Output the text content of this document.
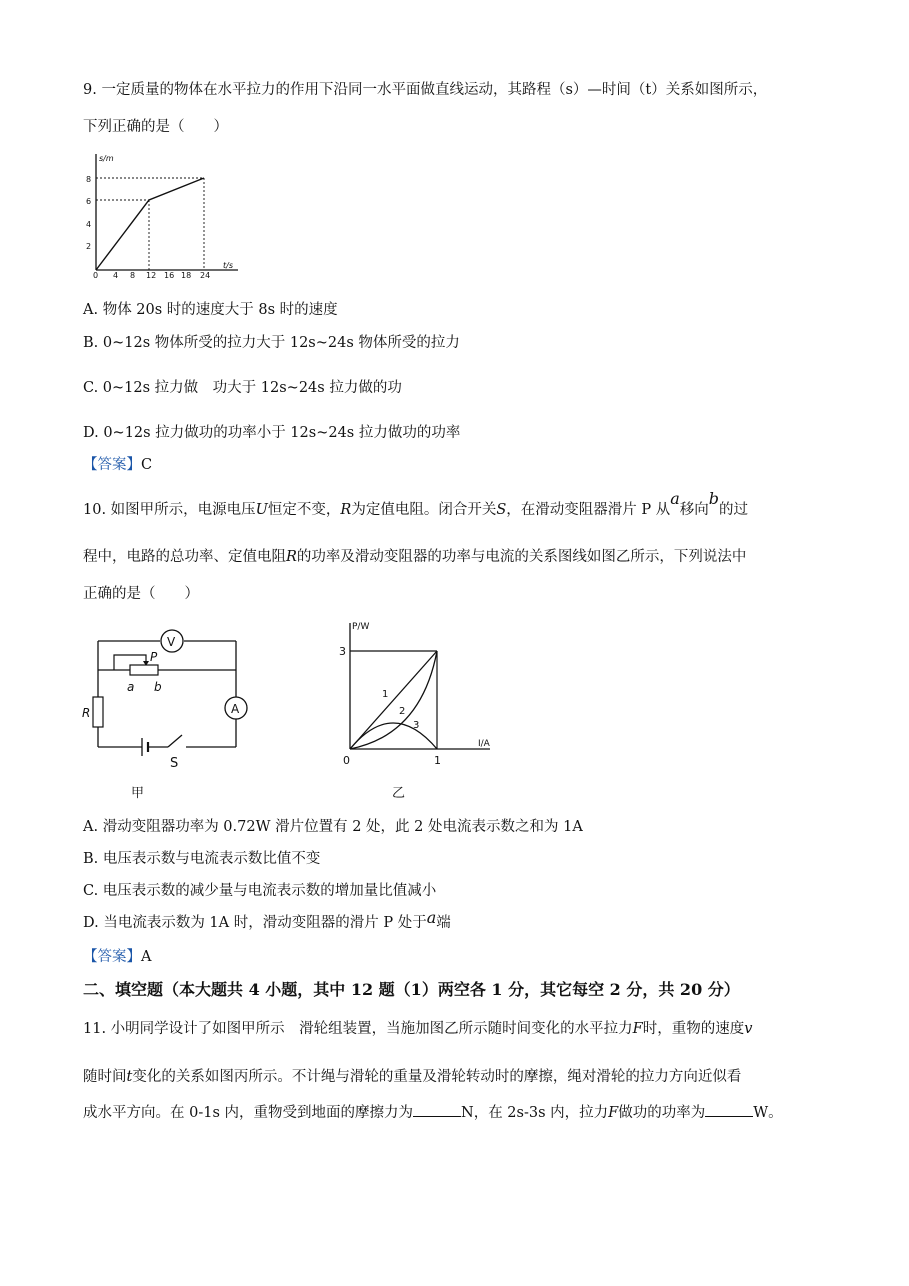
9. 一定质量的物体在水平拉力的作用下沿同一水平面做直线运动，其路程（s）—时间（t）关系如图所示，
下列正确的是（　　）
s/m
t/s
2
4
6
8
0 4 8 12 16 18 24
A. 物体 20s 时的速度大于 8s 时的速度
B. 0~12s 物体所受的拉力大于 12s~24s 物体所受的拉力
C. 0~12s 拉力做　功大于 12s~24s 拉力做的功
D. 0~12s 拉力做功的功率小于 12s~24s 拉力做功的功率
【答案】C
10. 如图甲所示，电源电压U恒定不变，R为定值电阻。闭合开关S，在滑动变阻器滑片 P 从a移向b的过
程中，电路的总功率、定值电阻R的功率及滑动变阻器的功率与电流的关系图线如图乙所示，下列说法中
正确的是（　　）
V
P
a b
R	A
S
甲
P/W
I/A
3
0	1
1
2
3
乙
A. 滑动变阻器功率为 0.72W 滑片位置有 2 处，此 2 处电流表示数之和为 1A
B. 电压表示数与电流表示数比值不变
C. 电压表示数的减少量与电流表示数的增加量比值减小
D. 当电流表示数为 1A 时，滑动变阻器的滑片 P 处于a端
【答案】A
二、填空题（本大题共 4 小题，其中 12 题（1）两空各 1 分，其它每空 2 分，共 20 分）
11. 小明同学设计了如图甲所示　滑轮组装置，当施加图乙所示随时间变化的水平拉力F时，重物的速度v
随时间t变化的关系如图丙所示。不计绳与滑轮的重量及滑轮转动时的摩擦，绳对滑轮的拉力方向近似看
成水平方向。在 0-1s 内，重物受到地面的摩擦力为	N，在 2s-3s 内，拉力F做功的功率为	W。
